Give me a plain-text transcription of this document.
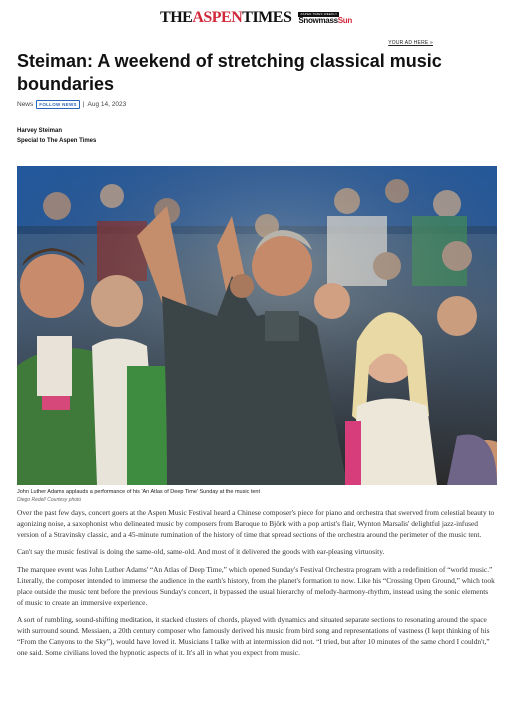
THEASPENTIMES	ASPEN TIMES WEEKLY
SnowmassSun
YOUR AD HERE »
Steiman: A weekend of stretching classical music boundaries
News	FOLLOW NEWS | Aug 14, 2023
Harvey Steiman
Special to The Aspen Times
John Luther Adams applauds a performance of his 'An Atlas of Deep Time' Sunday at the music tent
Diego Redel/ Courtesy photo

Over the past few days, concert goers at the Aspen Music Festival heard a Chinese composer's piece for piano and orchestra that swerved from celestial beauty to agonizing noise, a saxophonist who delineated music by composers from Baroque to Björk with a pop artist's flair, Wynton Marsalis' delightful jazz-infused version of a Stravinsky classic, and a 45-minute rumination of the history of time that spread sections of the orchestra around the perimeter of the music tent.

Can't say the music festival is doing the same-old, same-old. And most of it delivered the goods with ear-pleasing virtuosity.

The marquee event was John Luther Adams' “An Atlas of Deep Time,” which opened Sunday's Festival Orchestra program with a redefinition of “world music.” Literally, the composer intended to immerse the audience in the earth's history, from the planet's formation to now. Like his “Crossing Open Ground,” which took place outside the music tent before the previous Sunday's concert, it bypassed the usual hierarchy of melody-harmony-rhythm, instead using the sonic elements of music to create an immersive experience.

A sort of rumbling, sound-shifting meditation, it stacked clusters of chords, played with dynamics and situated separate sections to resonating around the space with surround sound. Messiaen, a 20th century composer who famously derived his music from bird song and representations of vastness (I kept thinking of his “From the Canyons to the Sky”), would have loved it. Musicians I talke with at intermission did not. “I tried, but after 10 minutes of the same chord I couldn't,” one said. Some civilians loved the hypnotic aspects of it. It's all in what you expect from music.
